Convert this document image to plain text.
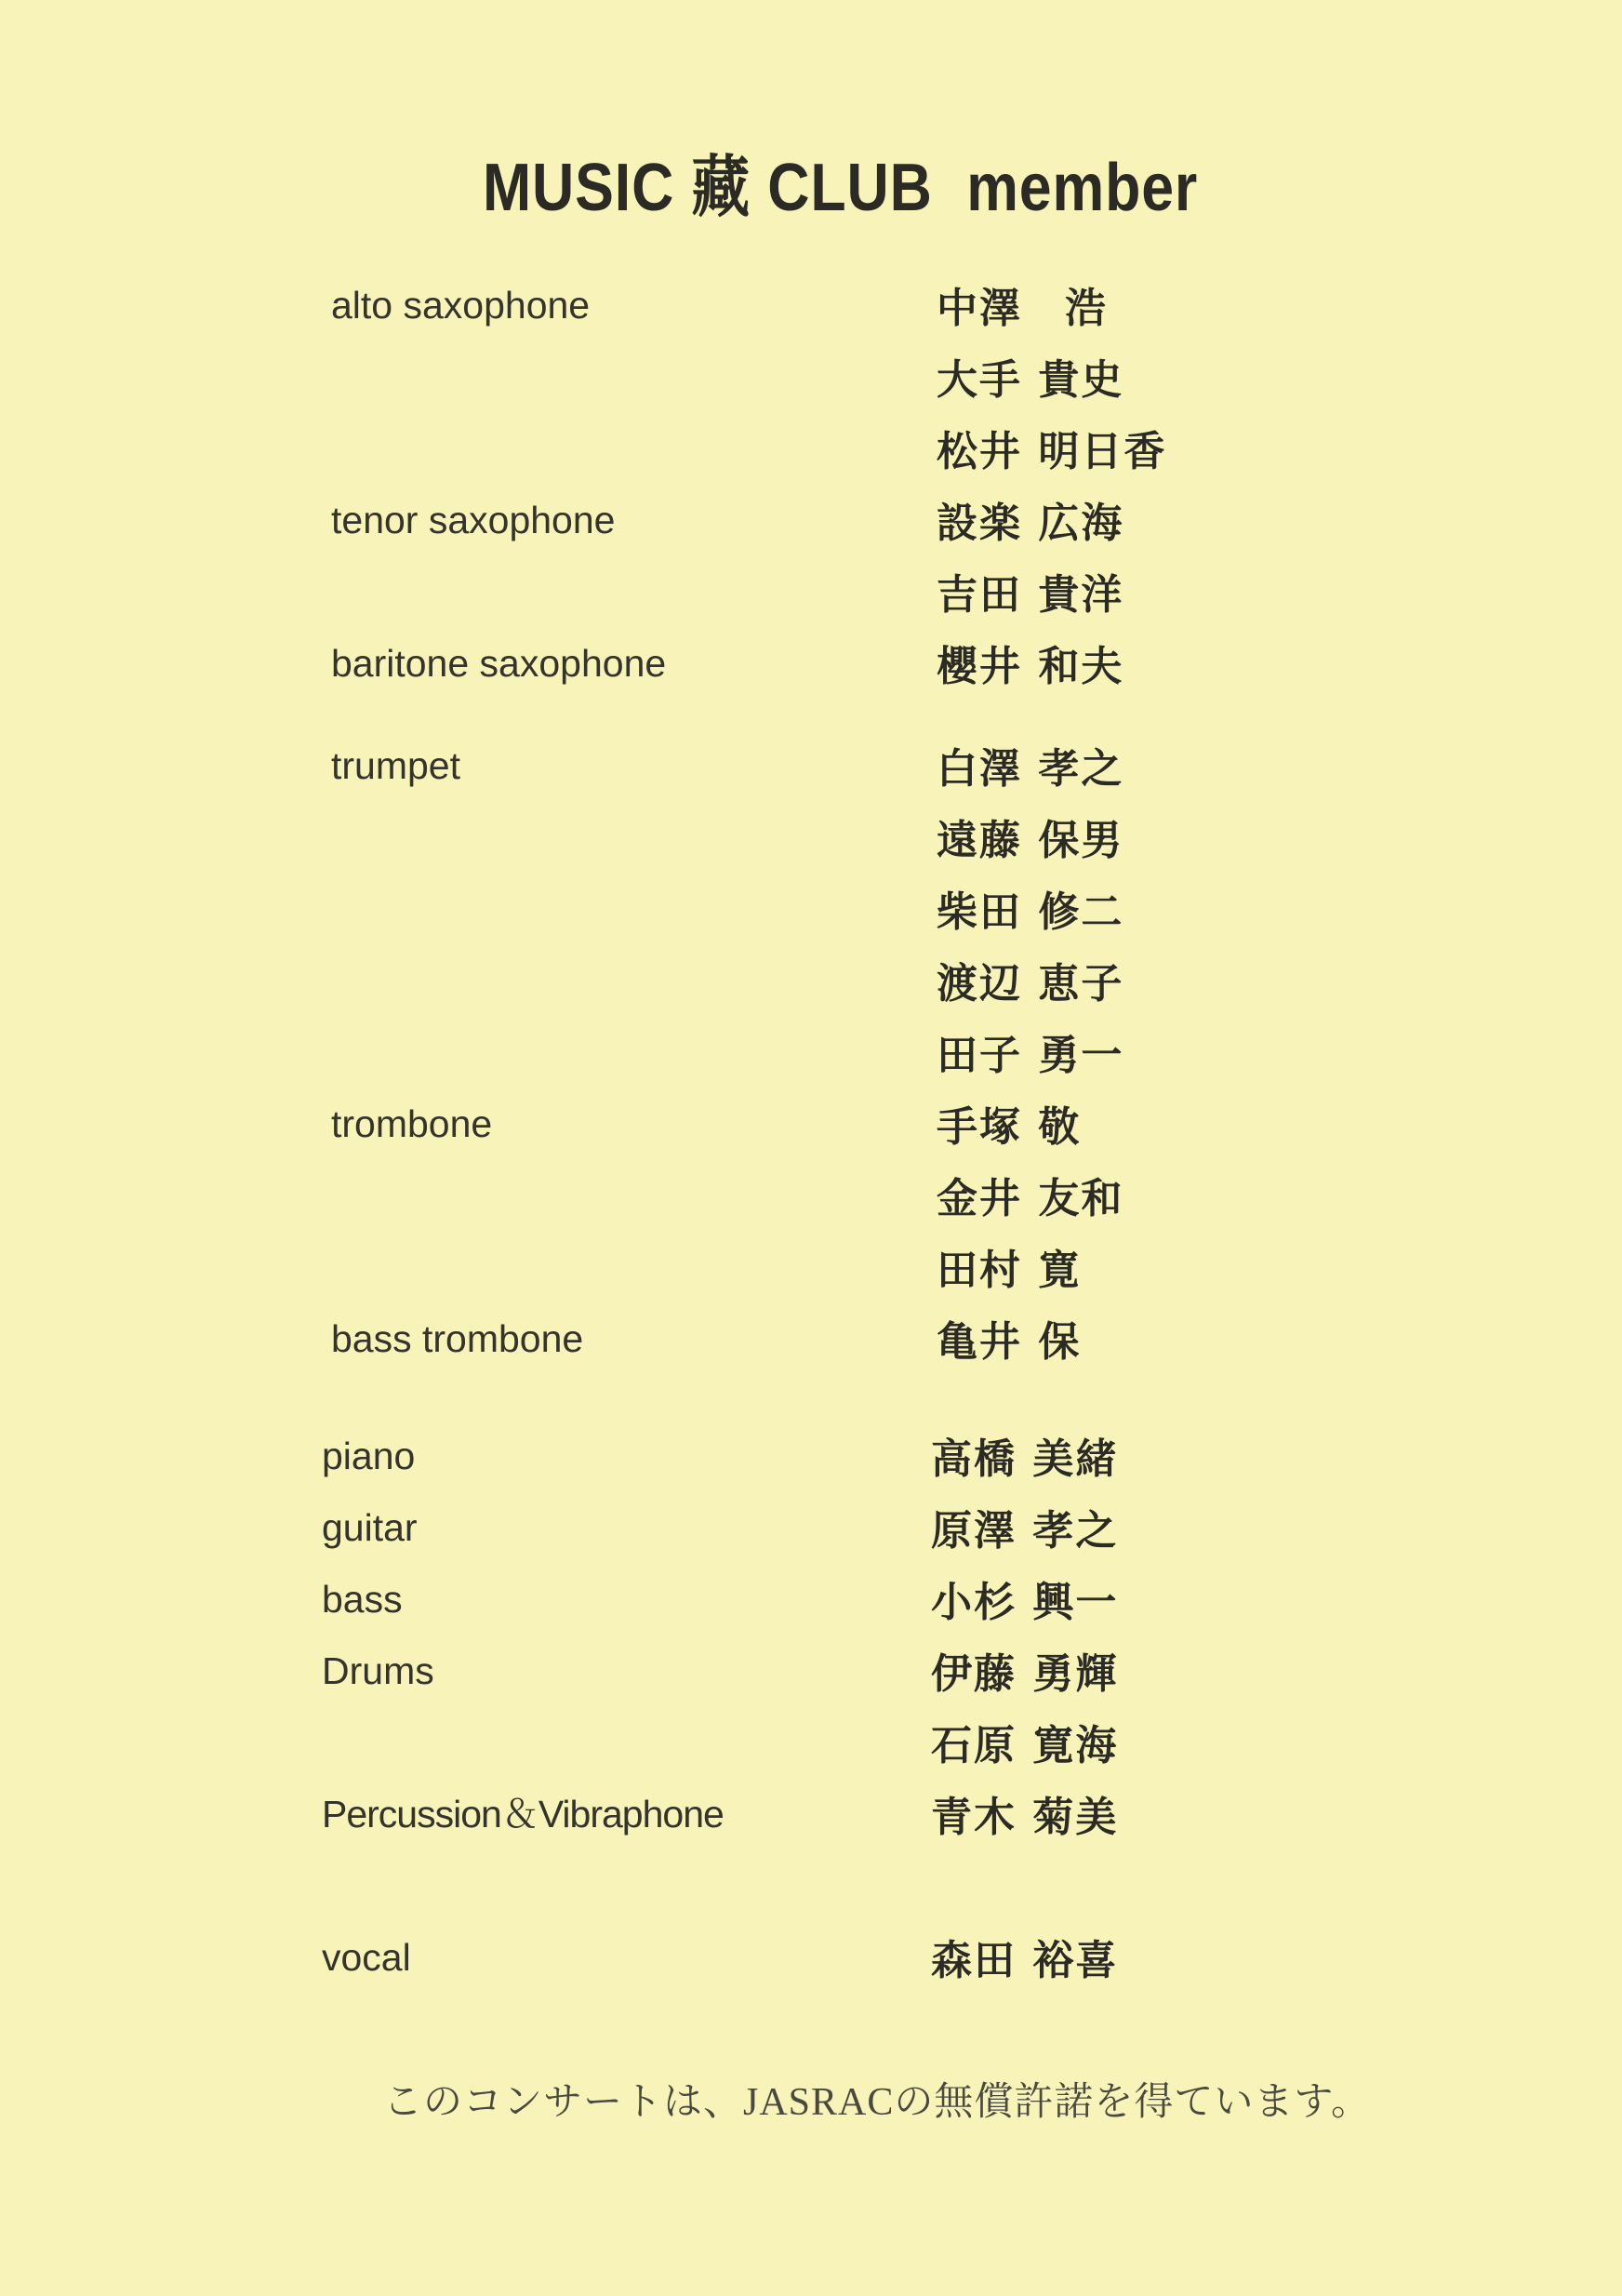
MUSIC 藏 CLUB  member
alto saxophone	中澤　浩
大手 貴史
松井 明日香
tenor saxophone	設楽 広海
吉田 貴洋
baritone saxophone	櫻井 和夫
trumpet	白澤 孝之
遠藤 保男
柴田 修二
渡辺 恵子
田子 勇一
trombone	手塚 敬
金井 友和
田村 寛
bass trombone	亀井 保
piano	高橋 美緒
guitar	原澤 孝之
bass	小杉 興一
Drums	伊藤 勇輝
石原 寛海
Percussion＆Vibraphone	青木 菊美
vocal	森田 裕喜
このコンサートは、JASRACの無償許諾を得ています。
